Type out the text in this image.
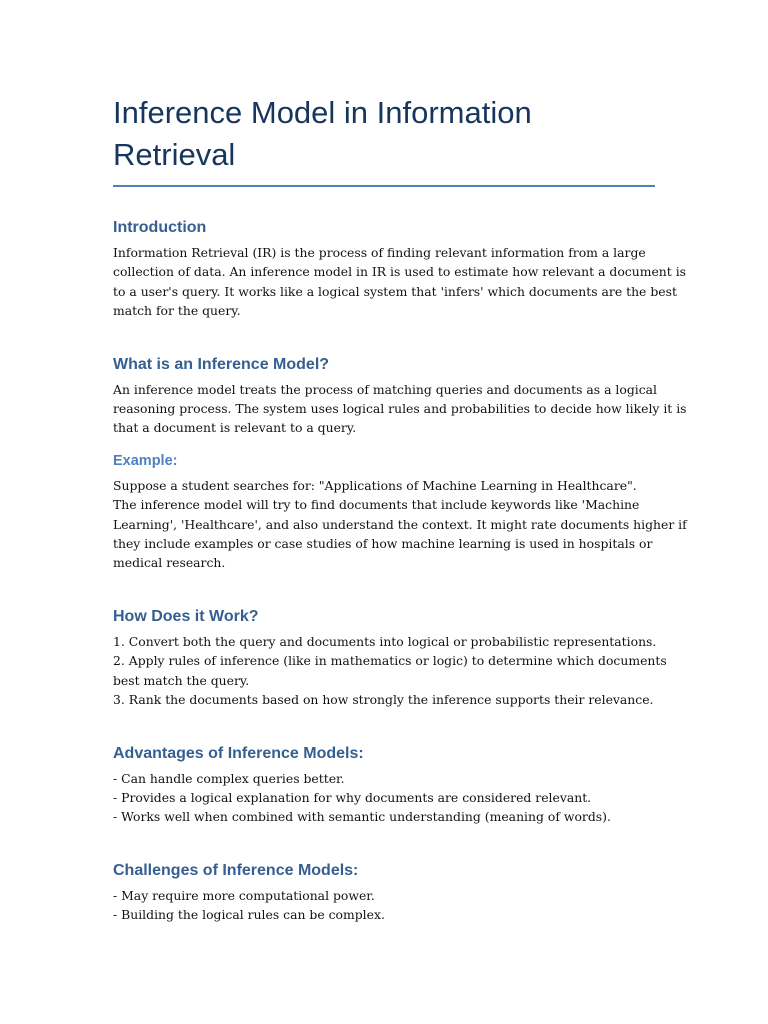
Inference Model in Information Retrieval
Introduction

Information Retrieval (IR) is the process of finding relevant information from a large
collection of data. An inference model in IR is used to estimate how relevant a document is
to a user's query. It works like a logical system that 'infers' which documents are the best
match for the query.

What is an Inference Model?

An inference model treats the process of matching queries and documents as a logical
reasoning process. The system uses logical rules and probabilities to decide how likely it is
that a document is relevant to a query.

Example:

Suppose a student searches for: "Applications of Machine Learning in Healthcare".
The inference model will try to find documents that include keywords like 'Machine
Learning', 'Healthcare', and also understand the context. It might rate documents higher if
they include examples or case studies of how machine learning is used in hospitals or
medical research.

How Does it Work?

1. Convert both the query and documents into logical or probabilistic representations.
2. Apply rules of inference (like in mathematics or logic) to determine which documents
best match the query.
3. Rank the documents based on how strongly the inference supports their relevance.

Advantages of Inference Models:

- Can handle complex queries better.
- Provides a logical explanation for why documents are considered relevant.
- Works well when combined with semantic understanding (meaning of words).

Challenges of Inference Models:

- May require more computational power.
- Building the logical rules can be complex.
